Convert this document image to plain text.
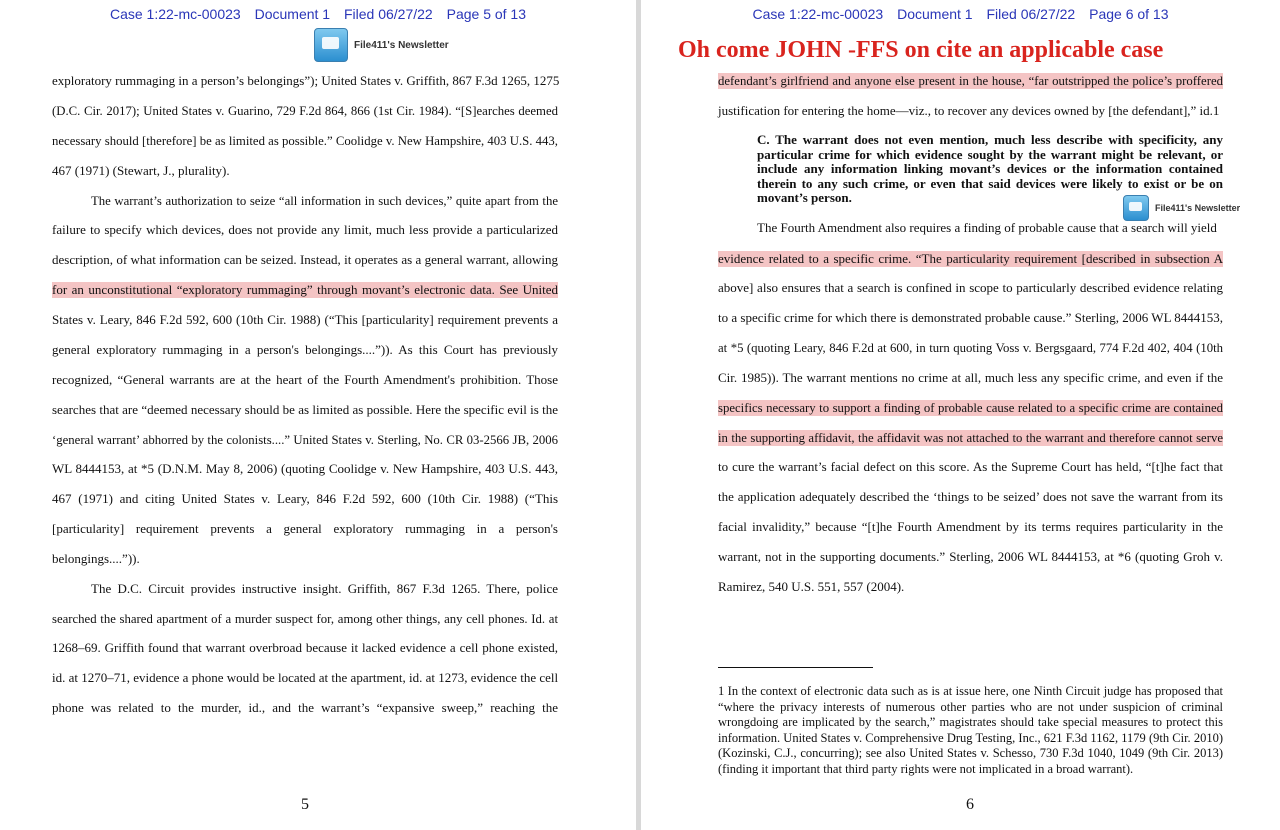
Case 1:22-mc-00023 Document 1 Filed 06/27/22 Page 5 of 13
File411's Newsletter
exploratory rummaging in a person’s belongings”); United States v. Griffith, 867 F.3d 1265, 1275
(D.C. Cir. 2017); United States v. Guarino, 729 F.2d 864, 866 (1st Cir. 1984). “[S]earches deemed
necessary should [therefore] be as limited as possible.” Coolidge v. New Hampshire, 403 U.S. 443,
467 (1971) (Stewart, J., plurality).
The warrant’s authorization to seize “all information in such devices,” quite apart from the
failure to specify which devices, does not provide any limit, much less provide a particularized
description, of what information can be seized. Instead, it operates as a general warrant, allowing
for an unconstitutional “exploratory rummaging” through movant’s electronic data. See United
States v. Leary, 846 F.2d 592, 600 (10th Cir. 1988) (“This [particularity] requirement prevents a
general exploratory rummaging in a person's belongings....”)). As this Court has previously
recognized, “General warrants are at the heart of the Fourth Amendment's prohibition. Those
searches that are “deemed necessary should be as limited as possible. Here the specific evil is the
‘general warrant’ abhorred by the colonists....” United States v. Sterling, No. CR 03-2566 JB, 2006
WL 8444153, at *5 (D.N.M. May 8, 2006) (quoting Coolidge v. New Hampshire, 403 U.S. 443,
467 (1971) and citing United States v. Leary, 846 F.2d 592, 600 (10th Cir. 1988) (“This
[particularity] requirement prevents a general exploratory rummaging in a person's
belongings....”)).
The D.C. Circuit provides instructive insight. Griffith, 867 F.3d 1265. There, police
searched the shared apartment of a murder suspect for, among other things, any cell phones. Id. at
1268–69. Griffith found that warrant overbroad because it lacked evidence a cell phone existed,
id. at 1270–71, evidence a phone would be located at the apartment, id. at 1273, evidence the cell
phone was related to the murder, id., and the warrant’s “expansive sweep,” reaching the
5
Case 1:22-mc-00023 Document 1 Filed 06/27/22 Page 6 of 13
Oh come JOHN -FFS on cite an applicable case
defendant’s girlfriend and anyone else present in the house, “far outstripped the police’s proffered
justification for entering the home—viz., to recover any devices owned by [the defendant],” id.1
C. The warrant does not even mention, much less describe with specificity, any particular crime for which evidence sought by the warrant might be relevant, or include any information linking movant’s devices or the information contained therein to any such crime, or even that said devices were likely to exist or be on movant’s person.
File411's Newsletter
The Fourth Amendment also requires a finding of probable cause that a search will yield
evidence related to a specific crime. “The particularity requirement [described in subsection A
above] also ensures that a search is confined in scope to particularly described evidence relating
to a specific crime for which there is demonstrated probable cause.” Sterling, 2006 WL 8444153,
at *5 (quoting Leary, 846 F.2d at 600, in turn quoting Voss v. Bergsgaard, 774 F.2d 402, 404 (10th
Cir. 1985)). The warrant mentions no crime at all, much less any specific crime, and even if the
specifics necessary to support a finding of probable cause related to a specific crime are contained
in the supporting affidavit, the affidavit was not attached to the warrant and therefore cannot serve
to cure the warrant’s facial defect on this score. As the Supreme Court has held, “[t]he fact that
the application adequately described the ‘things to be seized’ does not save the warrant from its
facial invalidity,” because “[t]he Fourth Amendment by its terms requires particularity in the
warrant, not in the supporting documents.” Sterling, 2006 WL 8444153, at *6 (quoting Groh v.
Ramirez, 540 U.S. 551, 557 (2004).
1 In the context of electronic data such as is at issue here, one Ninth Circuit judge has proposed that “where the privacy interests of numerous other parties who are not under suspicion of criminal wrongdoing are implicated by the search,” magistrates should take special measures to protect this information. United States v. Comprehensive Drug Testing, Inc., 621 F.3d 1162, 1179 (9th Cir. 2010) (Kozinski, C.J., concurring); see also United States v. Schesso, 730 F.3d 1040, 1049 (9th Cir. 2013) (finding it important that third party rights were not implicated in a broad warrant).
6
